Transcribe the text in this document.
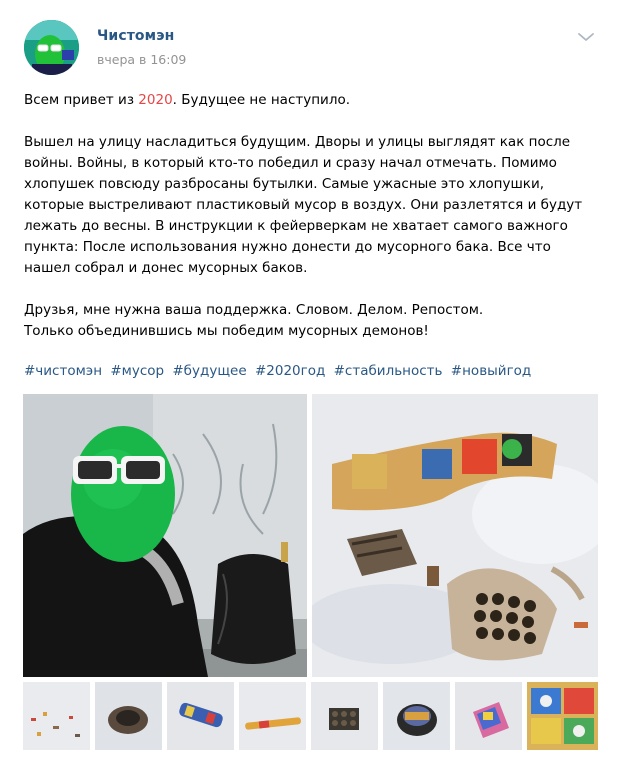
Чистомэн
вчера в 16:09

Всем привет из 2020. Будущее не наступило.

Вышел на улицу насладиться будущим. Дворы и улицы выглядят как после войны. Войны, в который кто-то победил и сразу начал отмечать. Помимо хлопушек повсюду разбросаны бутылки. Самые ужасные это хлопушки, которые выстреливают пластиковый мусор в воздух. Они разлетятся и будут лежать до весны. В инструкции к фейерверкам не хватает самого важного пункта: После использования нужно донести до мусорного бака. Все что нашел собрал и донес мусорных баков.

Друзья, мне нужна ваша поддержка. Словом. Делом. Репостом.

Только объединившись мы победим мусорных демонов!

#чистомэн #мусор #будущее #2020год #стабильность #новыйгод
